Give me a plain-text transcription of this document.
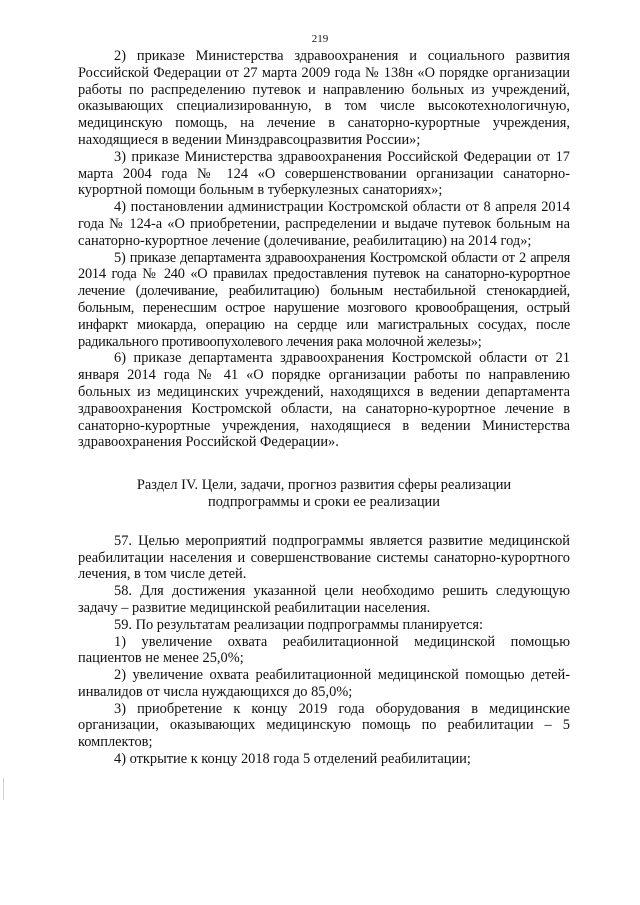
219

2) приказе Министерства здравоохранения и социального развития Российской Федерации от 27 марта 2009 года № 138н «О порядке организации работы по распределению путевок и направлению больных из учреждений, оказывающих специализированную, в том числе высокотехнологичную, медицинскую помощь, на лечение в санаторно-курортные учреждения, находящиеся в ведении Минздравсоцразвития России»;

3) приказе Министерства здравоохранения Российской Федерации от 17 марта 2004 года № 124 «О совершенствовании организации санаторно-курортной помощи больным в туберкулезных санаториях»;

4) постановлении администрации Костромской области от 8 апреля 2014 года № 124-а «О приобретении, распределении и выдаче путевок больным на санаторно-курортное лечение (долечивание, реабилитацию) на 2014 год»;

5) приказе департамента здравоохранения Костромской области от 2 апреля 2014 года № 240 «О правилах предоставления путевок на санаторно-курортное лечение (долечивание, реабилитацию) больным нестабильной стенокардией, больным, перенесшим острое нарушение мозгового кровообращения, острый инфаркт миокарда, операцию на сердце или магистральных сосудах, после радикального противоопухолевого лечения рака молочной железы»;

6) приказе департамента здравоохранения Костромской области от 21 января 2014 года № 41 «О порядке организации работы по направлению больных из медицинских учреждений, находящихся в ведении департамента здравоохранения Костромской области, на санаторно-курортное лечение в санаторно-курортные учреждения, находящиеся в ведении Министерства здравоохранения Российской Федерации».

Раздел IV. Цели, задачи, прогноз развития сферы реализации
подпрограммы и сроки ее реализации

57. Целью мероприятий подпрограммы является развитие медицинской реабилитации населения и совершенствование системы санаторно-курортного лечения, в том числе детей.

58. Для достижения указанной цели необходимо решить следующую задачу – развитие медицинской реабилитации населения.

59. По результатам реализации подпрограммы планируется:

1) увеличение охвата реабилитационной медицинской помощью пациентов не менее 25,0%;

2) увеличение охвата реабилитационной медицинской помощью детей-инвалидов от числа нуждающихся до 85,0%;

3) приобретение к концу 2019 года оборудования в медицинские организации, оказывающих медицинскую помощь по реабилитации – 5 комплектов;

4) открытие к концу 2018 года 5 отделений реабилитации;
